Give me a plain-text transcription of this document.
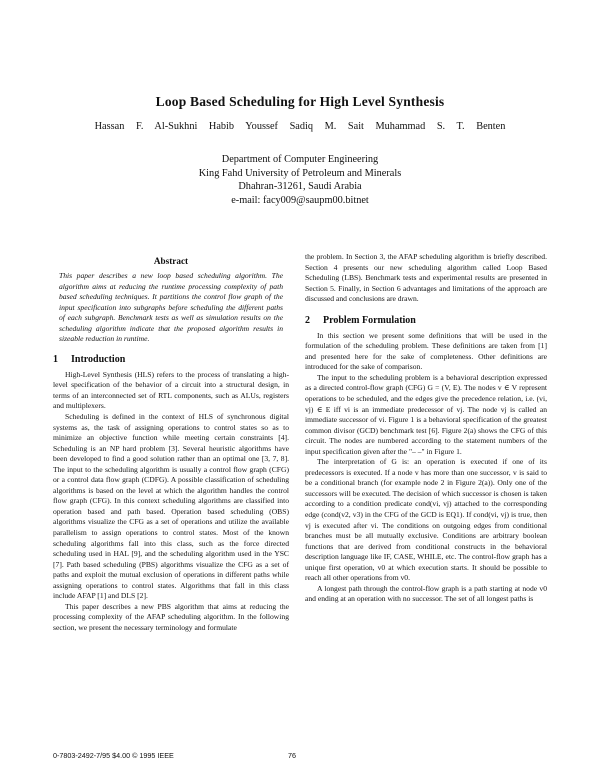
Loop Based Scheduling for High Level Synthesis
Hassan F. Al-Sukhni Habib Youssef Sadiq M. Sait Muhammad S. T. Benten
Department of Computer Engineering
King Fahd University of Petroleum and Minerals
Dhahran-31261, Saudi Arabia
e-mail: facy009@saupm00.bitnet
Abstract

This paper describes a new loop based scheduling algorithm. The algorithm aims at reducing the runtime processing complexity of path based scheduling techniques. It partitions the control flow graph of the input specification into subgraphs before scheduling the different paths of each subgraph. Benchmark tests as well as simulation results on the scheduling algorithm indicate that the proposed algorithm results in sizeable reduction in runtime.

1 Introduction

High-Level Synthesis (HLS) refers to the process of translating a high-level specification of the behavior of a circuit into a structural design, in terms of an interconnected set of RTL components, such as ALUs, registers and multiplexers.

Scheduling is defined in the context of HLS of synchronous digital systems as, the task of assigning operations to control states so as to minimize an objective function while meeting certain constraints [4]. Scheduling is an NP hard problem [3]. Several heuristic algorithms have been developed to find a good solution rather than an optimal one [3, 7, 8]. The input to the scheduling algorithm is usually a control flow graph (CFG) or a control data flow graph (CDFG). A possible classification of scheduling algorithms is based on the level at which the algorithm handles the control flow graph (CFG). In this context scheduling algorithms are classified into operation based and path based. Operation based scheduling (OBS) algorithms visualize the CFG as a set of operations and utilize the available parallelism to assign operations to control states. Most of the known scheduling algorithms fall into this class, such as the force directed scheduling used in HAL [9], and the scheduling algorithm used in the YSC [7]. Path based scheduling (PBS) algorithms visualize the CFG as a set of paths and exploit the mutual exclusion of operations in different paths while assigning operations to control states. Algorithms that fall in this class include AFAP [1] and DLS [2].

This paper describes a new PBS algorithm that aims at reducing the processing complexity of the AFAP scheduling algorithm. In the following section, we present the necessary terminology and formulate

the problem. In Section 3, the AFAP scheduling algorithm is briefly described. Section 4 presents our new scheduling algorithm called Loop Based Scheduling (LBS). Benchmark tests and experimental results are presented in Section 5. Finally, in Section 6 advantages and limitations of the approach are discussed and conclusions are drawn.

2 Problem Formulation

In this section we present some definitions that will be used in the formulation of the scheduling problem. These definitions are taken from [1] and presented here for the sake of completeness. Other definitions are introduced for the sake of comparison.

The input to the scheduling problem is a behavioral description expressed as a directed control-flow graph (CFG) G = (V, E). The nodes v ∈ V represent operations to be scheduled, and the edges give the precedence relation, i.e. (vi, vj) ∈ E iff vi is an immediate predecessor of vj. The node vj is called an immediate successor of vi. Figure 1 is a behavioral specification of the greatest common divisor (GCD) benchmark test [6]. Figure 2(a) shows the CFG of this circuit. The nodes are numbered according to the statement numbers of the input specification given after the "– –" in Figure 1.

The interpretation of G is: an operation is executed if one of its predecessors is executed. If a node v has more than one successor, v is said to be a conditional branch (for example node 2 in Figure 2(a)). Only one of the successors will be executed. The decision of which successor is chosen is taken according to a condition predicate cond(vi, vj) attached to the corresponding edge (cond(v2, v3) in the CFG of the GCD is EQ1). If cond(vi, vj) is true, then vj is executed after vi. The conditions on outgoing edges from conditional branches must be all mutually exclusive. Conditions are arbitrary boolean functions that are derived from conditional constructs in the behavioral description language like IF, CASE, WHILE, etc. The control-flow graph has a unique first operation, v0 at which execution starts. It should be possible to reach all other operations from v0.

A longest path through the control-flow graph is a path starting at node v0 and ending at an operation with no successor. The set of all longest paths is

0-7803-2492-7/95 $4.00 © 1995 IEEE	76
